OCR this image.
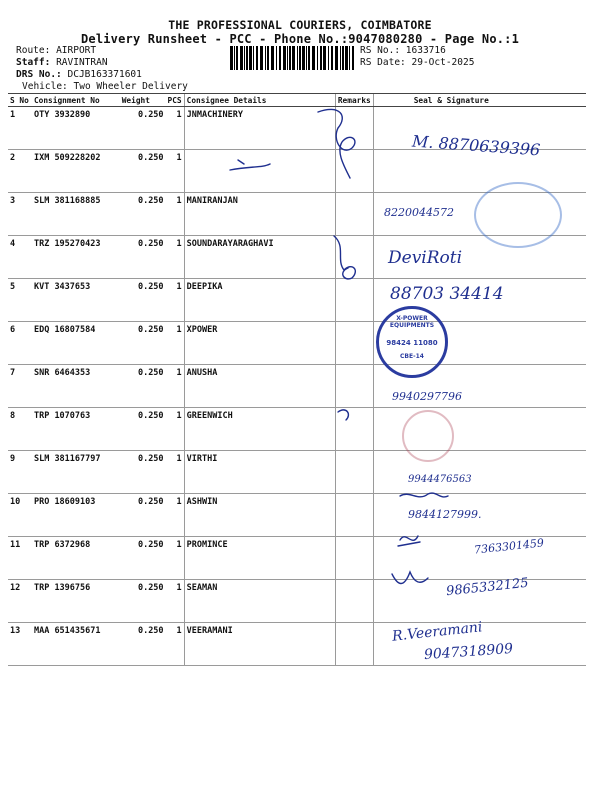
THE PROFESSIONAL COURIERS, COIMBATORE
Delivery Runsheet - PCC - Phone No.:9047080280 - Page No.:1
Route: AIRPORT
Staff: RAVINTRAN
DRS No.: DCJB163371601
Vehicle: Two Wheeler Delivery
RS No.: 1633716
RS Date: 29-Oct-2025
S No	Consignment No	Weight	PCS	Consignee Details	Remarks	Seal & Signature
1	OTY 3932890	0.250	1	JNMACHINERY		
2	IXM 509228202	0.250	1			
3	SLM 381168885	0.250	1	MANIRANJAN		
4	TRZ 195270423	0.250	1	SOUNDARAYARAGHAVI		
5	KVT 3437653	0.250	1	DEEPIKA		
6	EDQ 16807584	0.250	1	XPOWER		
7	SNR 6464353	0.250	1	ANUSHA		
8	TRP 1070763	0.250	1	GREENWICH		
9	SLM 381167797	0.250	1	VIRTHI		
10	PRO 18609103	0.250	1	ASHWIN		
11	TRP 6372968	0.250	1	PROMINCE		
12	TRP 1396756	0.250	1	SEAMAN		
13	MAA 651435671	0.250	1	VEERAMANI		
X-POWER EQUIPMENTS
98424 11080
CBE-14
M. 8870639396
8220044572
DeviRoti
88703 34414
9940297796
9944476563
9844127999.
7363301459
9865332125
R.Veeramani
9047318909
